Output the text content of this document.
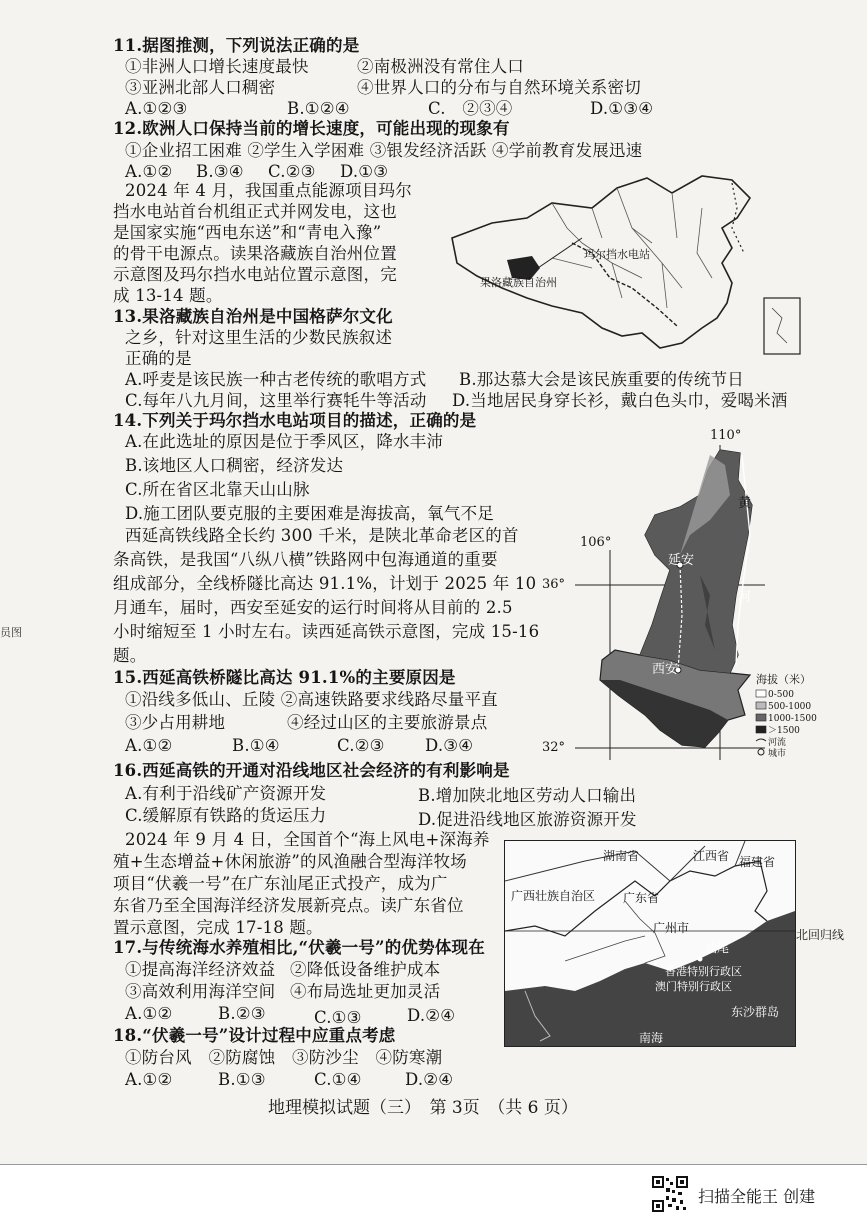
11.据图推测，下列说法正确的是
①非洲人口增长速度最快	②南极洲没有常住人口
③亚洲北部人口稠密	④世界人口的分布与自然环境关系密切
A.①②③	B.①②④	C.　②③④	D.①③④
12.欧洲人口保持当前的增长速度，可能出现的现象有
①企业招工困难 ②学生入学困难 ③银发经济活跃 ④学前教育发展迅速
A.①② B.③④ C.②③ D.①③
2024 年 4 月，我国重点能源项目玛尔
挡水电站首台机组正式并网发电，这也
是国家实施“西电东送”和“青电入豫”
的骨干电源点。读果洛藏族自治州位置
示意图及玛尔挡水电站位置示意图，完
成 13-14 题。
13.果洛藏族自治州是中国格萨尔文化
之乡，针对这里生活的少数民族叙述
正确的是
A.呼麦是该民族一种古老传统的歌唱方式 B.那达慕大会是该民族重要的传统节日
C.每年八九月间，这里举行赛牦牛等活动 D.当地居民身穿长衫，戴白色头巾，爱喝米酒
玛尔挡水电站
果洛藏族自治州
14.下列关于玛尔挡水电站项目的描述，正确的是
A.在此选址的原因是位于季风区，降水丰沛
B.该地区人口稠密，经济发达
C.所在省区北靠天山山脉
D.施工团队要克服的主要困难是海拔高，氧气不足
西延高铁线路全长约 300 千米，是陕北革命老区的首
条高铁，是我国“八纵八横”铁路网中包海通道的重要
组成部分，全线桥隧比高达 91.1%，计划于 2025 年 10
月通车，届时，西安至延安的运行时间将从目前的 2.5
小时缩短至 1 小时左右。读西延高铁示意图，完成 15-16
题。
员图
110°
106°
36°
32°
黄
河
延安
西安
海拔（米）
0-500
500-1000
1000-1500
＞1500
河流
城市
15.西延高铁桥隧比高达 91.1%的主要原因是
①沿线多低山、丘陵 ②高速铁路要求线路尽量平直
③少占用耕地	④经过山区的主要旅游景点
A.①②	B.①④	C.②③ D.③④
16.西延高铁的开通对沿线地区社会经济的有利影响是
A.有利于沿线矿产资源开发	B.增加陕北地区劳动人口输出
C.缓解原有铁路的货运压力	D.促进沿线地区旅游资源开发
2024 年 9 月 4 日，全国首个“海上风电+深海养
殖+生态增益+休闲旅游”的风渔融合型海洋牧场
项目“伏羲一号”在广东汕尾正式投产，成为广
东省乃至全国海洋经济发展新亮点。读广东省位
置示意图，完成 17-18 题。
湖南省	江西省 福建省
广西壮族自治区 广东省
广州市
汕尾
香港特别行政区
澳门特别行政区
东沙群岛
南海
北回归线
17.与传统海水养殖相比,“伏羲一号”的优势体现在
①提高海洋经济效益 ②降低设备维护成本
③高效利用海洋空间 ④布局选址更加灵活
A.①②	B.②③	C.①③	D.②④
18.“伏羲一号”设计过程中应重点考虑
①防台风　②防腐蚀　③防沙尘　④防寒潮
A.①②	B.①③	C.①④	D.②④
地理模拟试题（三）　第 3页　（共 6 页）
扫描全能王 创建
